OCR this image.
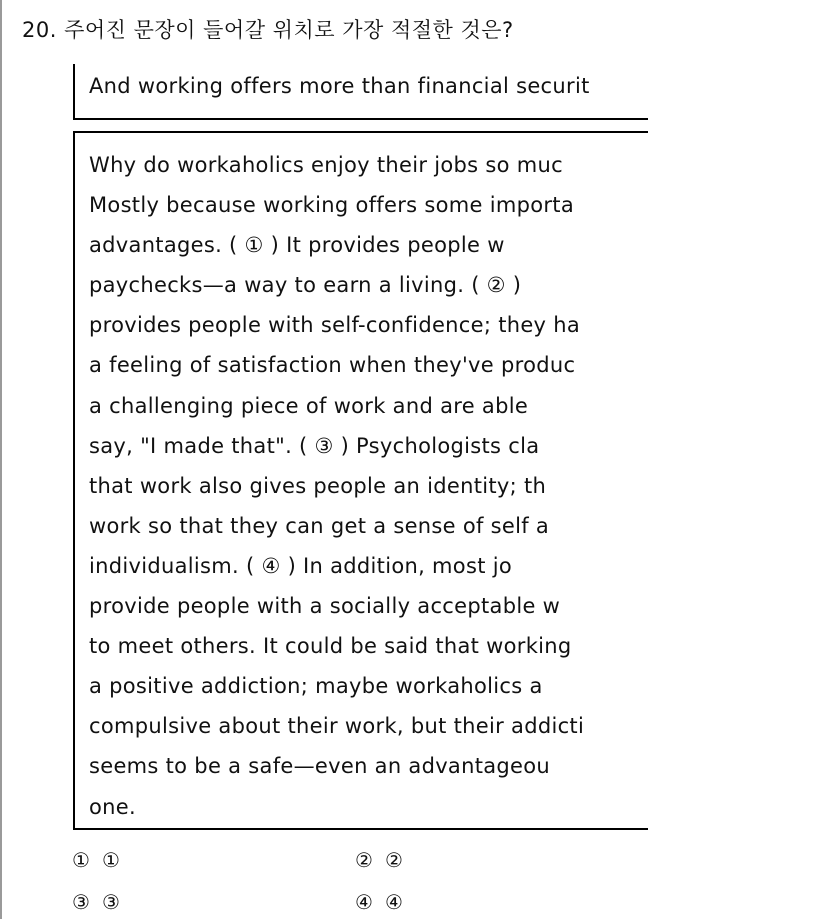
20. 주어진 문장이 들어갈 위치로 가장 적절한 것은?
And working offers more than financial securit
Why do workaholics enjoy their jobs so muc
Mostly because working offers some importa
advantages. ( ① ) It provides people w
paychecks—a way to earn a living. ( ② )
provides people with self-confidence; they ha
a feeling of satisfaction when they've produc
a challenging piece of work and are able
say, "I made that". ( ③ ) Psychologists cla
that work also gives people an identity; th
work so that they can get a sense of self a
individualism. ( ④ ) In addition, most jo
provide people with a socially acceptable w
to meet others. It could be said that working
a positive addiction; maybe workaholics a
compulsive about their work, but their addicti
seems to be a safe—even an advantageou
one.
① ①	② ②
③ ③	④ ④
